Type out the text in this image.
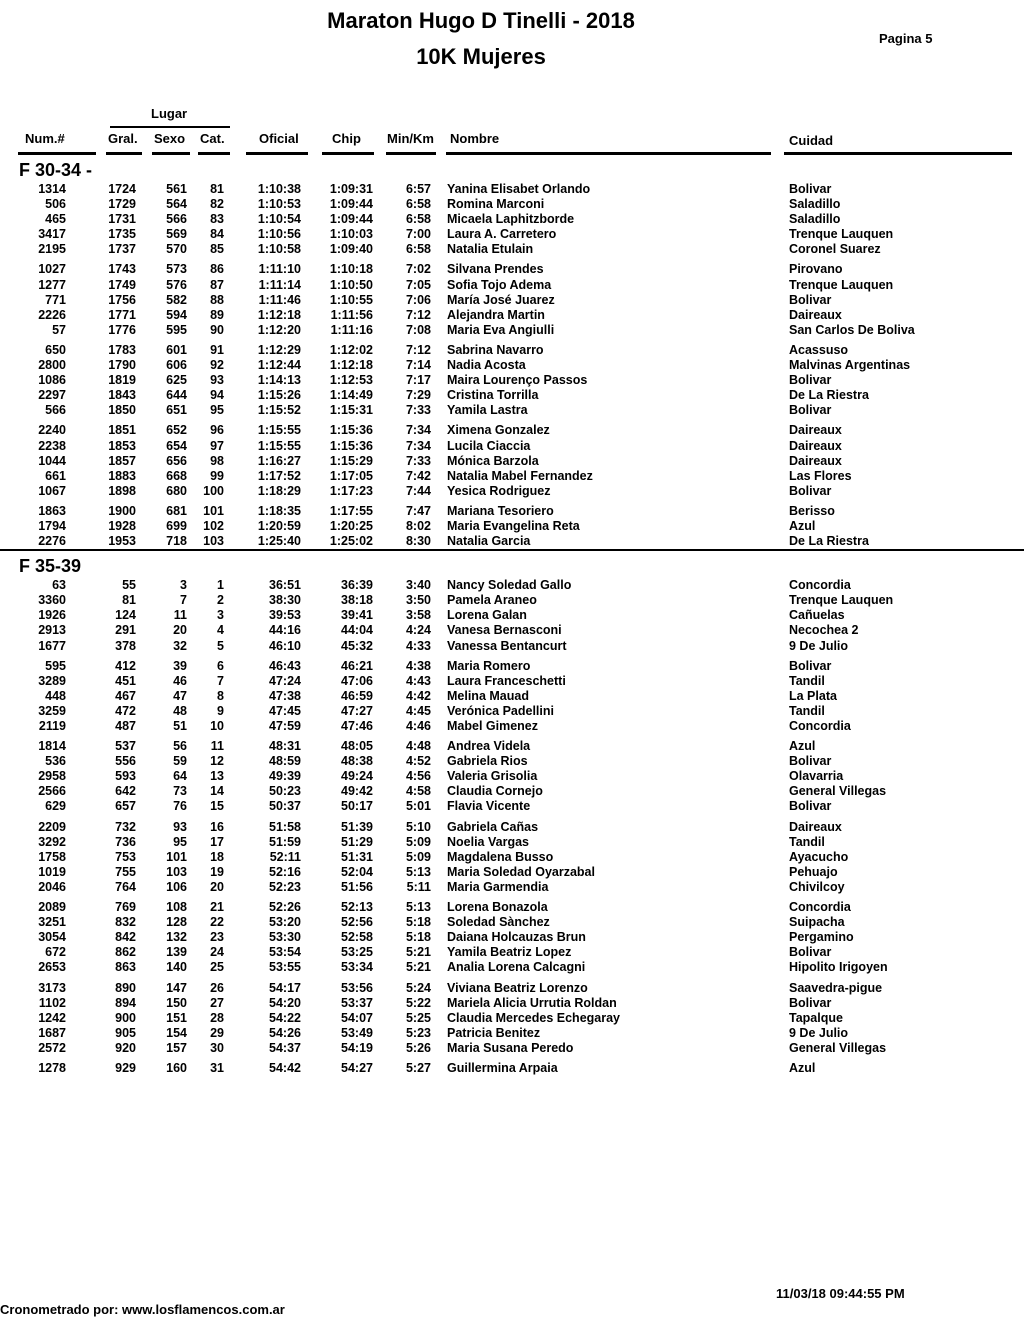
Maraton Hugo D Tinelli - 2018
10K Mujeres
Pagina 5
Lugar
Num.#	Gral. Sexo Cat.	Oficial	Chip Min/Km Nombre	Cuidad
F 30-34 -
1314	1724 561 81	1:10:38 1:09:31	6:57 Yanina Elisabet Orlando	Bolivar
506	1729 564 82	1:10:53 1:09:44	6:58 Romina Marconi	Saladillo
465	1731 566 83	1:10:54 1:09:44	6:58 Micaela Laphitzborde	Saladillo
3417	1735 569 84	1:10:56 1:10:03	7:00 Laura A. Carretero	Trenque Lauquen
2195	1737 570 85	1:10:58 1:09:40	6:58 Natalia Etulain	Coronel Suarez
1027	1743 573 86	1:11:10 1:10:18	7:02 Silvana Prendes	Pirovano
1277	1749 576 87	1:11:14 1:10:50	7:05 Sofia Tojo Adema	Trenque Lauquen
771	1756 582 88	1:11:46 1:10:55	7:06 María José Juarez	Bolivar
2226	1771 594 89	1:12:18 1:11:56	7:12 Alejandra Martin	Daireaux
57	1776 595 90	1:12:20 1:11:16	7:08 Maria Eva Angiulli	San Carlos De Boliva
650	1783 601 91	1:12:29 1:12:02	7:12 Sabrina Navarro	Acassuso
2800	1790 606 92	1:12:44 1:12:18	7:14 Nadia Acosta	Malvinas Argentinas
1086	1819 625 93	1:14:13 1:12:53	7:17 Maira Lourenço Passos	Bolivar
2297	1843 644 94	1:15:26 1:14:49	7:29 Cristina Torrilla	De La Riestra
566	1850 651 95	1:15:52 1:15:31	7:33 Yamila Lastra	Bolivar
2240	1851 652 96	1:15:55 1:15:36	7:34 Ximena Gonzalez	Daireaux
2238	1853 654 97	1:15:55 1:15:36	7:34 Lucila Ciaccia	Daireaux
1044	1857 656 98	1:16:27 1:15:29	7:33 Mónica Barzola	Daireaux
661	1883 668 99	1:17:52 1:17:05	7:42 Natalia Mabel Fernandez	Las Flores
1067	1898 680 100	1:18:29 1:17:23	7:44 Yesica Rodriguez	Bolivar
1863	1900 681 101	1:18:35 1:17:55	7:47 Mariana Tesoriero	Berisso
1794	1928 699 102	1:20:59 1:20:25	8:02 Maria Evangelina Reta	Azul
2276	1953 718 103	1:25:40 1:25:02	8:30 Natalia Garcia	De La Riestra
F 35-39
63	55	3 1	36:51	36:39	3:40 Nancy Soledad Gallo	Concordia
3360	81	7 2	38:30	38:18	3:50 Pamela Araneo	Trenque Lauquen
1926	124	11 3	39:53	39:41	3:58 Lorena Galan	Cañuelas
2913	291	20 4	44:16	44:04	4:24 Vanesa Bernasconi	Necochea 2
1677	378	32 5	46:10	45:32	4:33 Vanessa Bentancurt	9 De Julio
595	412	39 6	46:43	46:21	4:38 Maria Romero	Bolivar
3289	451	46 7	47:24	47:06	4:43 Laura Franceschetti	Tandil
448	467	47 8	47:38	46:59	4:42 Melina Mauad	La Plata
3259	472	48 9	47:45	47:27	4:45 Verónica Padellini	Tandil
2119	487	51 10	47:59	47:46	4:46 Mabel Gimenez	Concordia
1814	537	56 11	48:31	48:05	4:48 Andrea Videla	Azul
536	556	59 12	48:59	48:38	4:52 Gabriela Rios	Bolivar
2958	593	64 13	49:39	49:24	4:56 Valeria Grisolia	Olavarria
2566	642	73 14	50:23	49:42	4:58 Claudia Cornejo	General Villegas
629	657	76 15	50:37	50:17	5:01 Flavia Vicente	Bolivar
2209	732	93 16	51:58	51:39	5:10 Gabriela Cañas	Daireaux
3292	736	95 17	51:59	51:29	5:09 Noelia Vargas	Tandil
1758	753 101 18	52:11	51:31	5:09 Magdalena Busso	Ayacucho
1019	755 103 19	52:16	52:04	5:13 Maria Soledad Oyarzabal	Pehuajo
2046	764 106 20	52:23	51:56	5:11 Maria Garmendia	Chivilcoy
2089	769 108 21	52:26	52:13	5:13 Lorena Bonazola	Concordia
3251	832 128 22	53:20	52:56	5:18 Soledad Sànchez	Suipacha
3054	842 132 23	53:30	52:58	5:18 Daiana Holcauzas Brun	Pergamino
672	862 139 24	53:54	53:25	5:21 Yamila Beatriz Lopez	Bolivar
2653	863 140 25	53:55	53:34	5:21 Analia Lorena Calcagni	Hipolito Irigoyen
3173	890 147 26	54:17	53:56	5:24 Viviana Beatriz Lorenzo	Saavedra-pigue
1102	894 150 27	54:20	53:37	5:22 Mariela Alicia Urrutia Roldan	Bolivar
1242	900 151 28	54:22	54:07	5:25 Claudia Mercedes Echegaray	Tapalque
1687	905 154 29	54:26	53:49	5:23 Patricia Benitez	9 De Julio
2572	920 157 30	54:37	54:19	5:26 Maria Susana Peredo	General Villegas
1278	929 160 31	54:42	54:27	5:27 Guillermina Arpaia	Azul
11/03/18 09:44:55 PM
Cronometrado por: www.losflamencos.com.ar
